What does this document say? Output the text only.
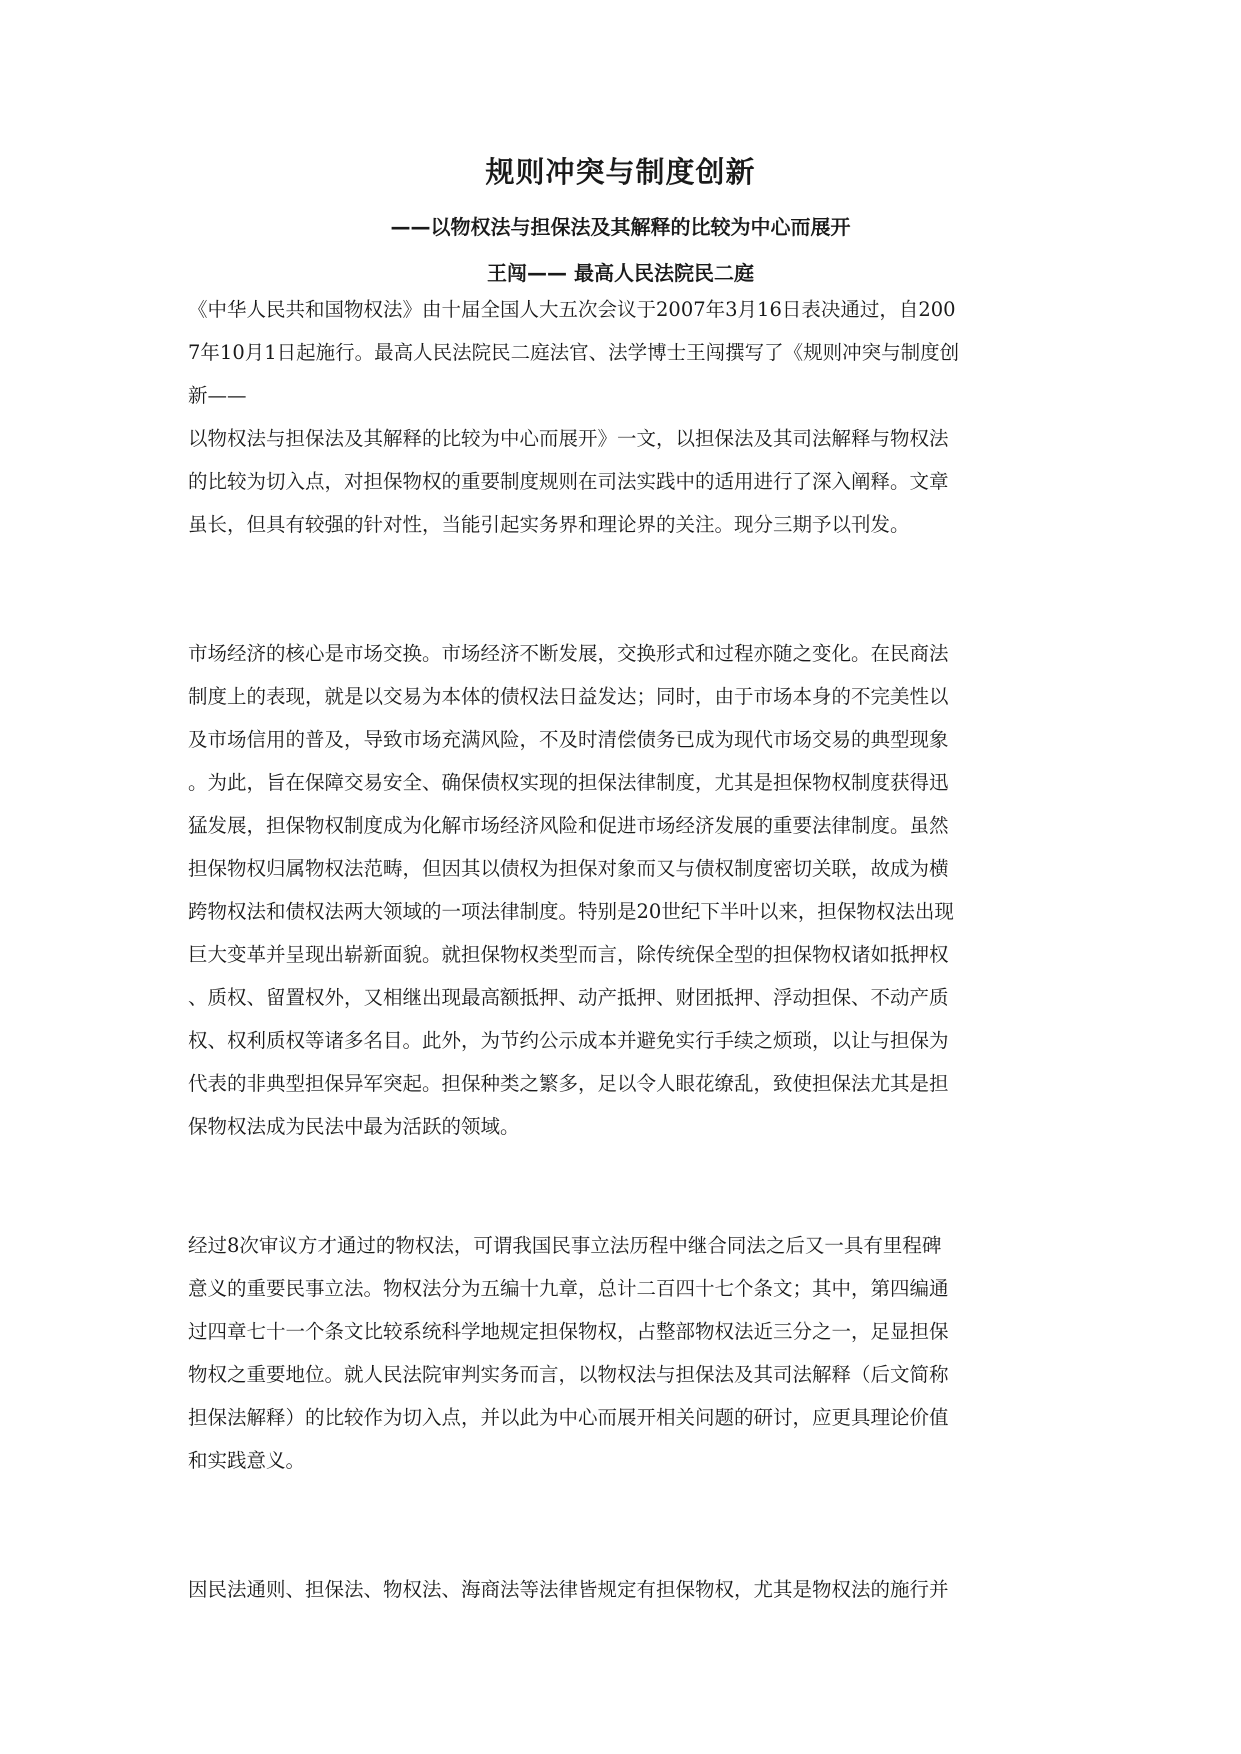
规则冲突与制度创新
——以物权法与担保法及其解释的比较为中心而展开
王闯—— 最高人民法院民二庭

《中华人民共和国物权法》由十届全国人大五次会议于2007年3月16日表决通过，自200

7年10月1日起施行。最高人民法院民二庭法官、法学博士王闯撰写了《规则冲突与制度创

新——

以物权法与担保法及其解释的比较为中心而展开》一文，以担保法及其司法解释与物权法

的比较为切入点，对担保物权的重要制度规则在司法实践中的适用进行了深入阐释。文章

虽长，但具有较强的针对性，当能引起实务界和理论界的关注。现分三期予以刊发。

市场经济的核心是市场交换。市场经济不断发展，交换形式和过程亦随之变化。在民商法

制度上的表现，就是以交易为本体的债权法日益发达；同时，由于市场本身的不完美性以

及市场信用的普及，导致市场充满风险，不及时清偿债务已成为现代市场交易的典型现象

。为此，旨在保障交易安全、确保债权实现的担保法律制度，尤其是担保物权制度获得迅

猛发展，担保物权制度成为化解市场经济风险和促进市场经济发展的重要法律制度。虽然

担保物权归属物权法范畴，但因其以债权为担保对象而又与债权制度密切关联，故成为横

跨物权法和债权法两大领域的一项法律制度。特别是20世纪下半叶以来，担保物权法出现

巨大变革并呈现出崭新面貌。就担保物权类型而言，除传统保全型的担保物权诸如抵押权

、质权、留置权外，又相继出现最高额抵押、动产抵押、财团抵押、浮动担保、不动产质

权、权利质权等诸多名目。此外，为节约公示成本并避免实行手续之烦琐，以让与担保为

代表的非典型担保异军突起。担保种类之繁多，足以令人眼花缭乱，致使担保法尤其是担

保物权法成为民法中最为活跃的领域。

经过8次审议方才通过的物权法，可谓我国民事立法历程中继合同法之后又一具有里程碑

意义的重要民事立法。物权法分为五编十九章，总计二百四十七个条文；其中，第四编通

过四章七十一个条文比较系统科学地规定担保物权，占整部物权法近三分之一，足显担保

物权之重要地位。就人民法院审判实务而言，以物权法与担保法及其司法解释（后文简称

担保法解释）的比较作为切入点，并以此为中心而展开相关问题的研讨，应更具理论价值

和实践意义。

因民法通则、担保法、物权法、海商法等法律皆规定有担保物权，尤其是物权法的施行并
